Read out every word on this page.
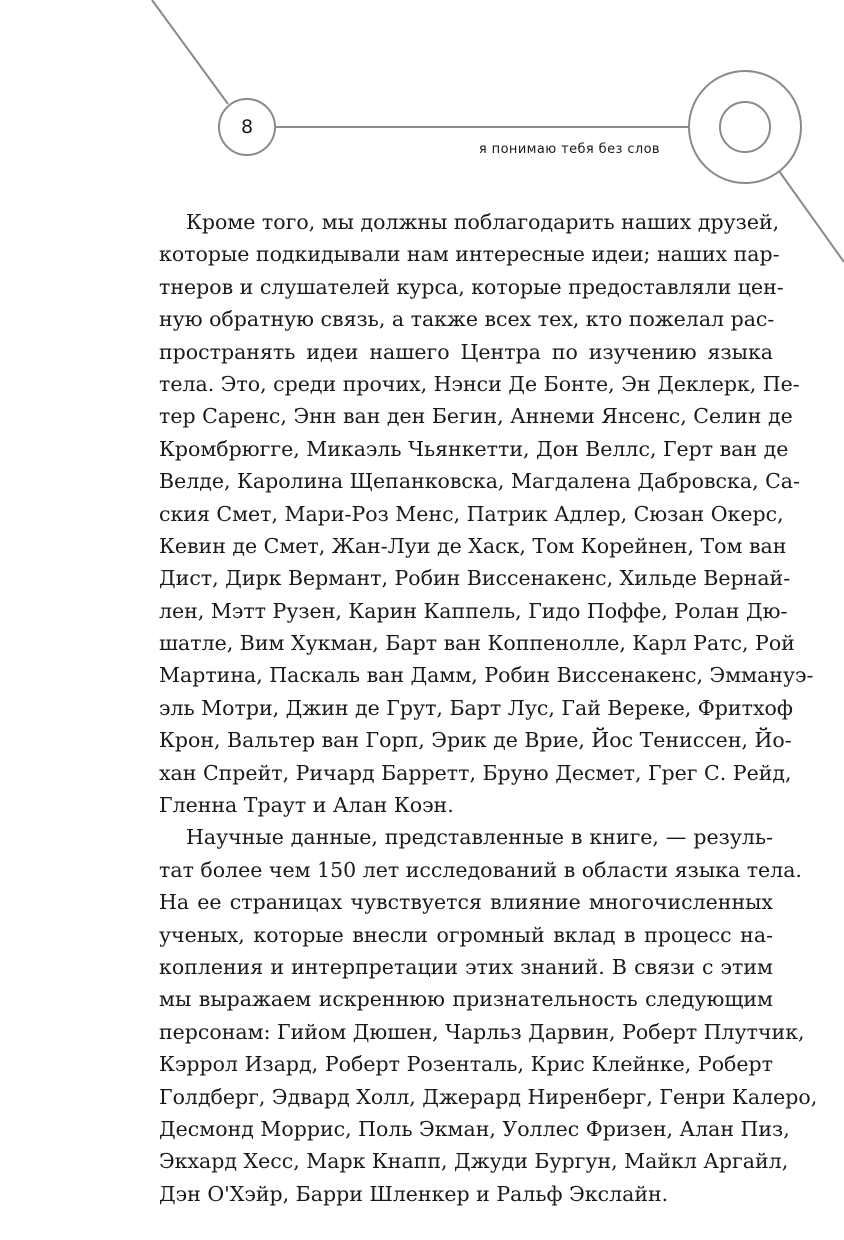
8
я понимаю тебя без слов
Кроме того, мы должны поблагодарить наших друзей,
которые подкидывали нам интересные идеи; наших пар-
тнеров и слушателей курса, которые предоставляли цен-
ную обратную связь, а также всех тех, кто пожелал рас-
пространять идеи нашего Центра по изучению языка
тела. Это, среди прочих, Нэнси Де Бонте, Эн Деклерк, Пе-
тер Саренс, Энн ван ден Бегин, Аннеми Янсенс, Селин де
Кромбрюгге, Микаэль Чьянкетти, Дон Веллс, Герт ван де
Велде, Каролина Щепанковска, Магдалена Дабровска, Са-
ския Смет, Мари-Роз Менс, Патрик Адлер, Сюзан Окерс,
Кевин де Смет, Жан-Луи де Хаск, Том Корейнен, Том ван
Дист, Дирк Вермант, Робин Виссенакенс, Хильде Вернай-
лен, Мэтт Рузен, Карин Каппель, Гидо Поффе, Ролан Дю-
шатле, Вим Хукман, Барт ван Коппенолле, Карл Ратс, Рой
Мартина, Паскаль ван Дамм, Робин Виссенакенс, Эммануэ-
эль Мотри, Джин де Грут, Барт Лус, Гай Вереке, Фритхоф
Крон, Вальтер ван Горп, Эрик де Врие, Йос Тениссен, Йо-
хан Спрейт, Ричард Барретт, Бруно Десмет, Грег С. Рейд,
Гленна Траут и Алан Коэн.
Научные данные, представленные в книге, — резуль-
тат более чем 150 лет исследований в области языка тела.
На ее страницах чувствуется влияние многочисленных
ученых, которые внесли огромный вклад в процесс на-
копления и интерпретации этих знаний. В связи с этим
мы выражаем искреннюю признательность следующим
персонам: Гийом Дюшен, Чарльз Дарвин, Роберт Плутчик,
Кэррол Изард, Роберт Розенталь, Крис Клейнке, Роберт
Голдберг, Эдвард Холл, Джерард Ниренберг, Генри Калеро,
Десмонд Моррис, Поль Экман, Уоллес Фризен, Алан Пиз,
Экхард Хесс, Марк Кнапп, Джуди Бургун, Майкл Аргайл,
Дэн О'Хэйр, Барри Шленкер и Ральф Экслайн.
